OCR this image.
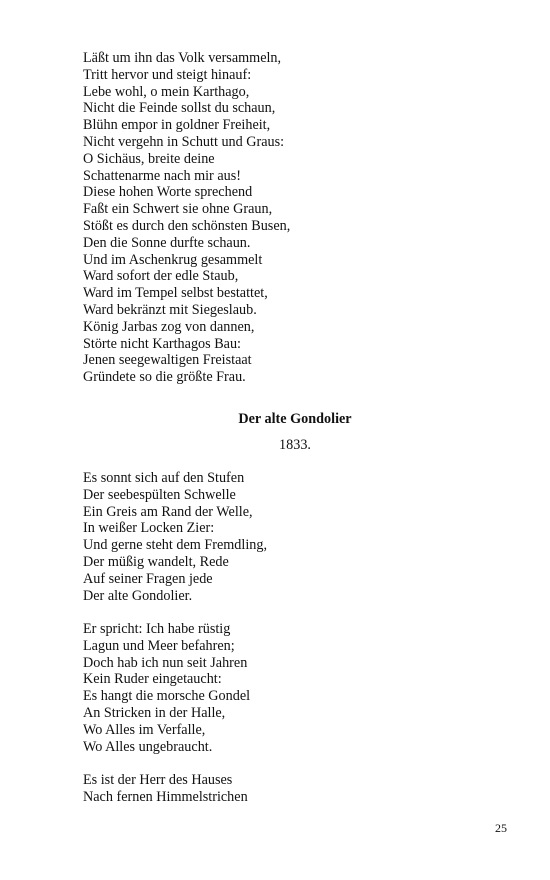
Läßt um ihn das Volk versammeln,
Tritt hervor und steigt hinauf:
Lebe wohl, o mein Karthago,
Nicht die Feinde sollst du schaun,
Blühn empor in goldner Freiheit,
Nicht vergehn in Schutt und Graus:
O Sichäus, breite deine
Schattenarme nach mir aus!
Diese hohen Worte sprechend
Faßt ein Schwert sie ohne Graun,
Stößt es durch den schönsten Busen,
Den die Sonne durfte schaun.
Und im Aschenkrug gesammelt
Ward sofort der edle Staub,
Ward im Tempel selbst bestattet,
Ward bekränzt mit Siegeslaub.
König Jarbas zog von dannen,
Störte nicht Karthagos Bau:
Jenen seegewaltigen Freistaat
Gründete so die größte Frau.
Der alte Gondolier
1833.
Es sonnt sich auf den Stufen
Der seebespülten Schwelle
Ein Greis am Rand der Welle,
In weißer Locken Zier:
Und gerne steht dem Fremdling,
Der müßig wandelt, Rede
Auf seiner Fragen jede
Der alte Gondolier.
Er spricht: Ich habe rüstig
Lagun und Meer befahren;
Doch hab ich nun seit Jahren
Kein Ruder eingetaucht:
Es hangt die morsche Gondel
An Stricken in der Halle,
Wo Alles im Verfalle,
Wo Alles ungebraucht.
Es ist der Herr des Hauses
Nach fernen Himmelstrichen
25
